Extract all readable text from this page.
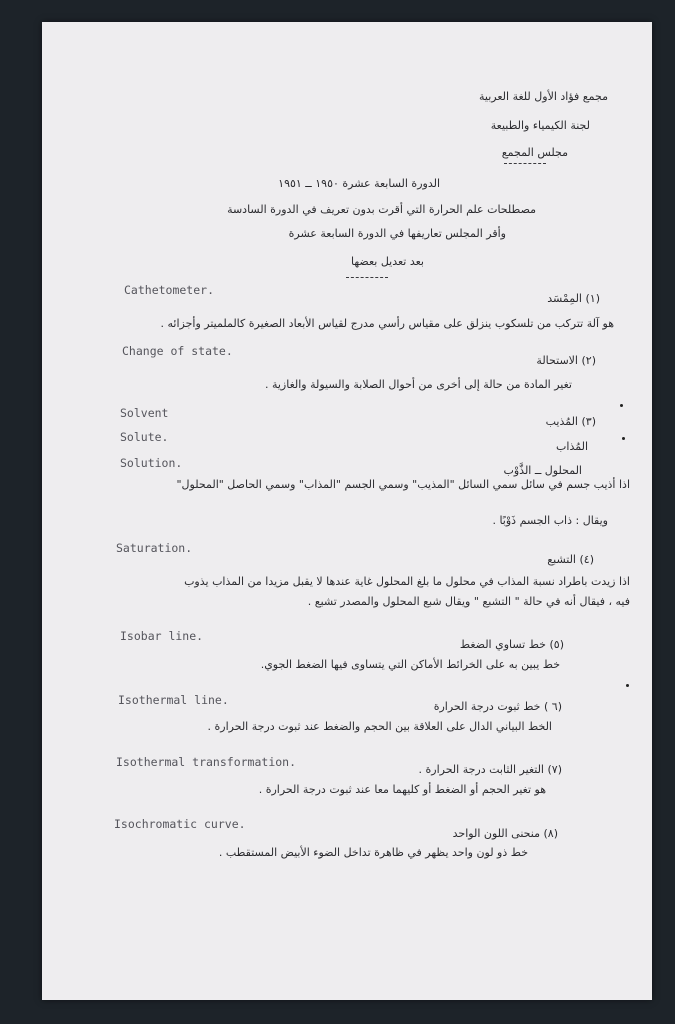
مجمع فؤاد الأول للغة العربية
لجنة الكيمياء والطبيعة
مجلس المجمع
الدورة السابعة عشرة ١٩٥٠ ــ ١٩٥١
مصطلحات علم الحرارة التي أقرت بدون تعريف في الدورة السادسة
وأقر المجلس تعاريفها في الدورة السابعة عشرة
بعد تعديل بعضها
Cathetometer.
(١) المِمْسَد
هو آلة تتركب من تلسكوب ينزلق على مقياس رأسي مدرج لقياس الأبعاد الصغيرة كالملميتر وأجزائه .
Change of state.
(٢) الاستحالة
تغير المادة من حالة إلى أخرى من أحوال الصلابة والسيولة والغازية .
Solvent
(٣) المُذيب
Solute.
المُذاب
Solution.
المحلول ــ الذَّوْب
اذا أذيب جسم في سائل سمي السائل "المذيب" وسمي الجسم "المذاب" وسمي الحاصل "المحلول"
ويقال : ذاب الجسم ذَوْبًا .
Saturation.
(٤) التشبع
اذا زيدت باطراد نسبة المذاب في محلول ما بلغ المحلول غاية عندها لا يقبل مزيدا من المذاب يذوب
فيه ، فيقال أنه في حالة " التشبع " ويقال شبع المحلول والمصدر تشبع .
Isobar line.
(٥) خط تساوي الضغط
خط يبين به على الخرائط الأماكن التي يتساوى فيها الضغط الجوي.
Isothermal line.	(٦ ) خط ثبوت درجة الحرارة
الخط البياني الدال على العلاقة بين الحجم والضغط عند ثبوت درجة الحرارة .
Isothermal transformation.
(٧) التغير الثابت درجة الحرارة .
هو تغير الحجم أو الضغط أو كليهما معا عند ثبوت درجة الحرارة .
Isochromatic curve.
(٨) منحنى اللون الواحد
خط ذو لون واحد يظهر في ظاهرة تداخل الضوء الأبيض المستقطب .
